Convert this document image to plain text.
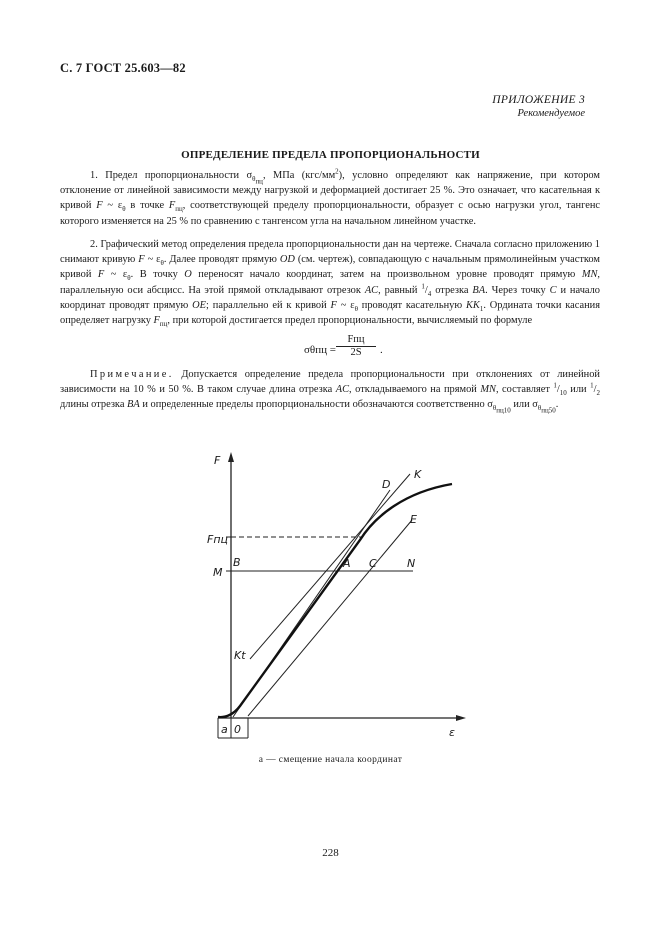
С. 7 ГОСТ 25.603—82
ПРИЛОЖЕНИЕ 3
Рекомендуемое
ОПРЕДЕЛЕНИЕ ПРЕДЕЛА ПРОПОРЦИОНАЛЬНОСТИ

1. Предел пропорциональности $\sigma_{\theta_{пц}}$, МПа $(кгс/мм^2)$, условно определяют как напряжение, при котором отклонение от линейной зависимости между нагрузкой и деформацией достигает 25 %. Это означает, что касательная к кривой F ~ $\varepsilon_\theta$ в точке $F_{пц}$, соответствующей пределу пропорциональности, образует с осью нагрузки угол, тангенс которого изменяется на 25 % по сравнению с тангенсом угла на начальном линейном участке.

2. Графический метод определения предела пропорциональности дан на чертеже. Сначала согласно приложению 1 снимают кривую F ~ $\varepsilon_\theta$. Далее проводят прямую OD (см. чертеж), совпадающую с начальным прямолинейным участком кривой F ~ $\varepsilon_\theta$. В точку O переносят начало координат, затем на произвольном уровне проводят прямую MN, параллельную оси абсцисс. На этой прямой откладывают отрезок AC, равный $^1/_4$ отрезка BA. Через точку C и начало координат проводят прямую OE; параллельно ей к кривой F ~ $\varepsilon_\theta$ проводят касательную $KK_1$. Ордината точки касания определяет нагрузку $F_{пц}$, при которой достигается предел пропорциональности, вычисляемый по формуле

σθпц =
Fпц
2S	.

Примечание. Допускается определение предела пропорциональности при отклонениях от линейной зависимости на 10 % и 50 %. В таком случае длина отрезка AC, откладываемого на прямой MN, составляет $^1/_{10}$ или $^1/_2$ длины отрезка BA и определенные пределы пропорциональности обозначаются соответственно $\sigma_{\theta_{пц10}}$ или $\sigma_{\theta_{пц50}}$.

F
K
D
E
Fпц
B
M
A C	N
Kt
a 0	ε
a — смещение начала координат
228
